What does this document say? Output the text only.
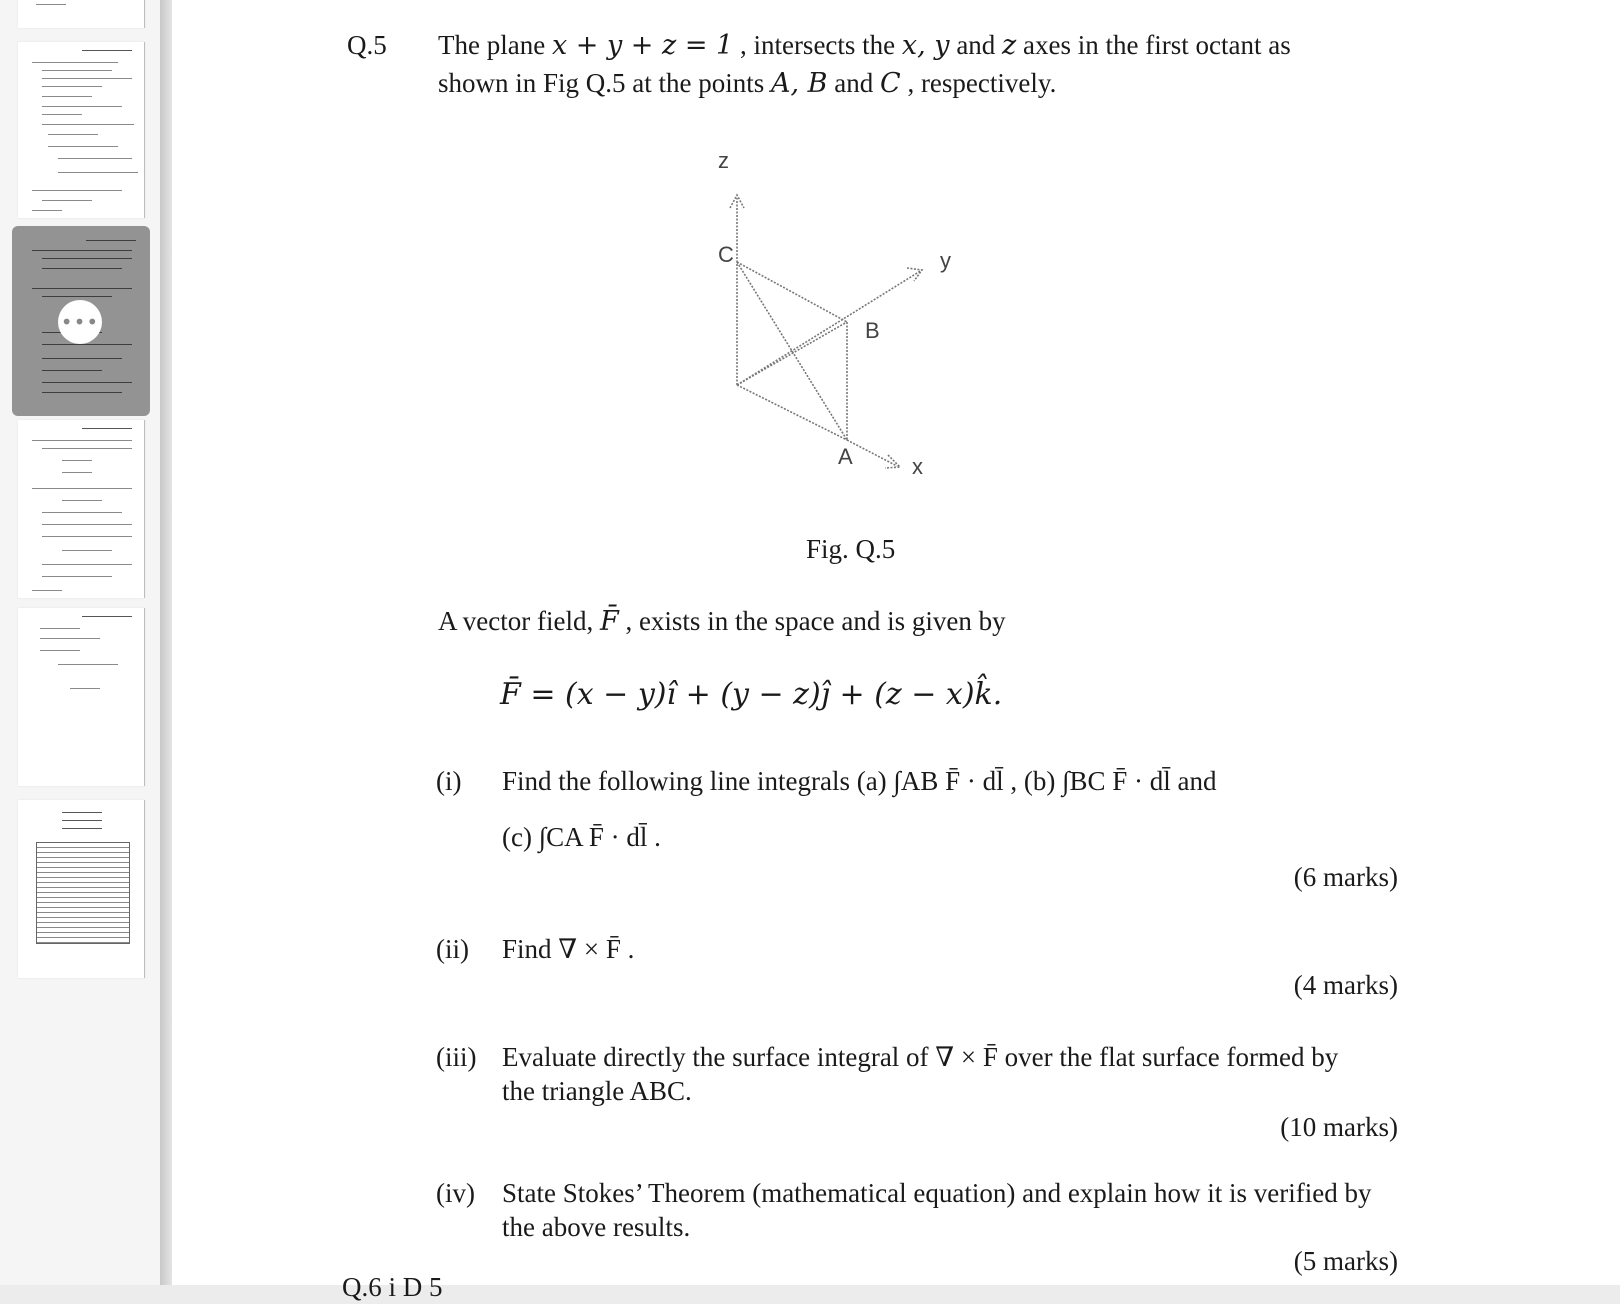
•••
Q.5 The plane x + y + z = 1 , intersects the x, y and z axes in the first octant as
shown in Fig Q.5 at the points A, B and C , respectively.
z
C	y
B
A	x
Fig. Q.5
A vector field, F̄ , exists in the space and is given by
F̄ = (x − y)î + (y − z)ĵ + (z − x)k̂.
(i) Find the following line integrals (a) ∫AB F̄ · dl̄ , (b) ∫BC F̄ · dl̄ and
(c) ∫CA F̄ · dl̄ .
(6 marks)
(ii) Find ∇ × F̄ .
(4 marks)
(iii) Evaluate directly the surface integral of ∇ × F̄ over the flat surface formed by
the triangle ABC.
(10 marks)
(iv) State Stokes’ Theorem (mathematical equation) and explain how it is verified by
the above results.
(5 marks)
Q.6 i D 5
